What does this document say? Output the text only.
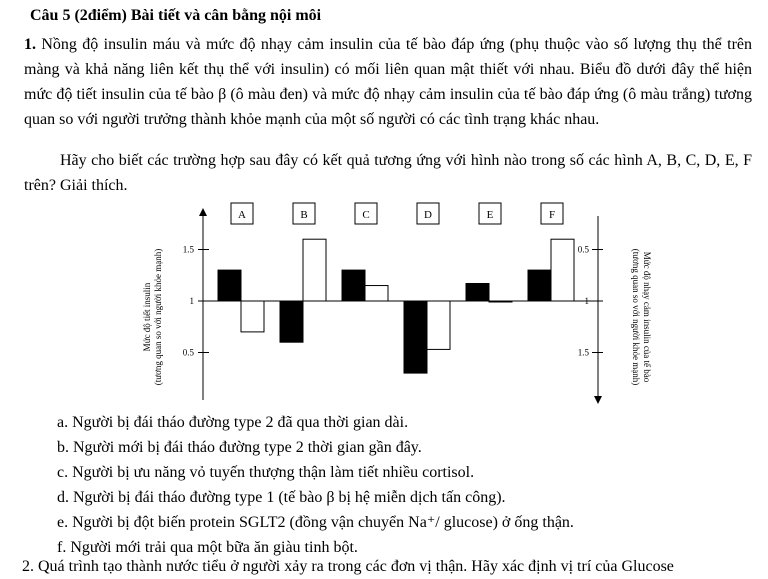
Câu 5 (2điểm) Bài tiết và cân bằng nội môi
1. Nồng độ insulin máu và mức độ nhạy cảm insulin của tế bào đáp ứng (phụ thuộc vào số lượng thụ thể trên màng và khả năng liên kết thụ thể với insulin) có mối liên quan mật thiết với nhau. Biểu đồ dưới đây thể hiện mức độ tiết insulin của tế bào β (ô màu đen) và mức độ nhạy cảm insulin của tế bào đáp ứng (ô màu trắng) tương quan so với người trưởng thành khỏe mạnh của một số người có các tình trạng khác nhau.
Hãy cho biết các trường hợp sau đây có kết quả tương ứng với hình nào trong số các hình A, B, C, D, E, F trên? Giải thích.
A	B	C	D	E	F
1.5
1
0.5
0.5
1
1.5
Mức độ tiết insulin (tương quan so với người khỏe mạnh)	Mức độ nhạy cảm insulin của tế bào
(tương quan so với người khỏe mạnh)
a. Người bị đái tháo đường type 2 đã qua thời gian dài.
b. Người mới bị đái tháo đường type 2 thời gian gần đây.
c. Người bị ưu năng vỏ tuyến thượng thận làm tiết nhiều cortisol.
d. Người bị đái tháo đường type 1 (tế bào β bị hệ miễn dịch tấn công).
e. Người bị đột biến protein SGLT2 (đồng vận chuyển Na⁺/ glucose) ở ống thận.
f. Người mới trải qua một bữa ăn giàu tinh bột.
2. Quá trình tạo thành nước tiểu ở người xảy ra trong các đơn vị thận. Hãy xác định vị trí của Glucose
